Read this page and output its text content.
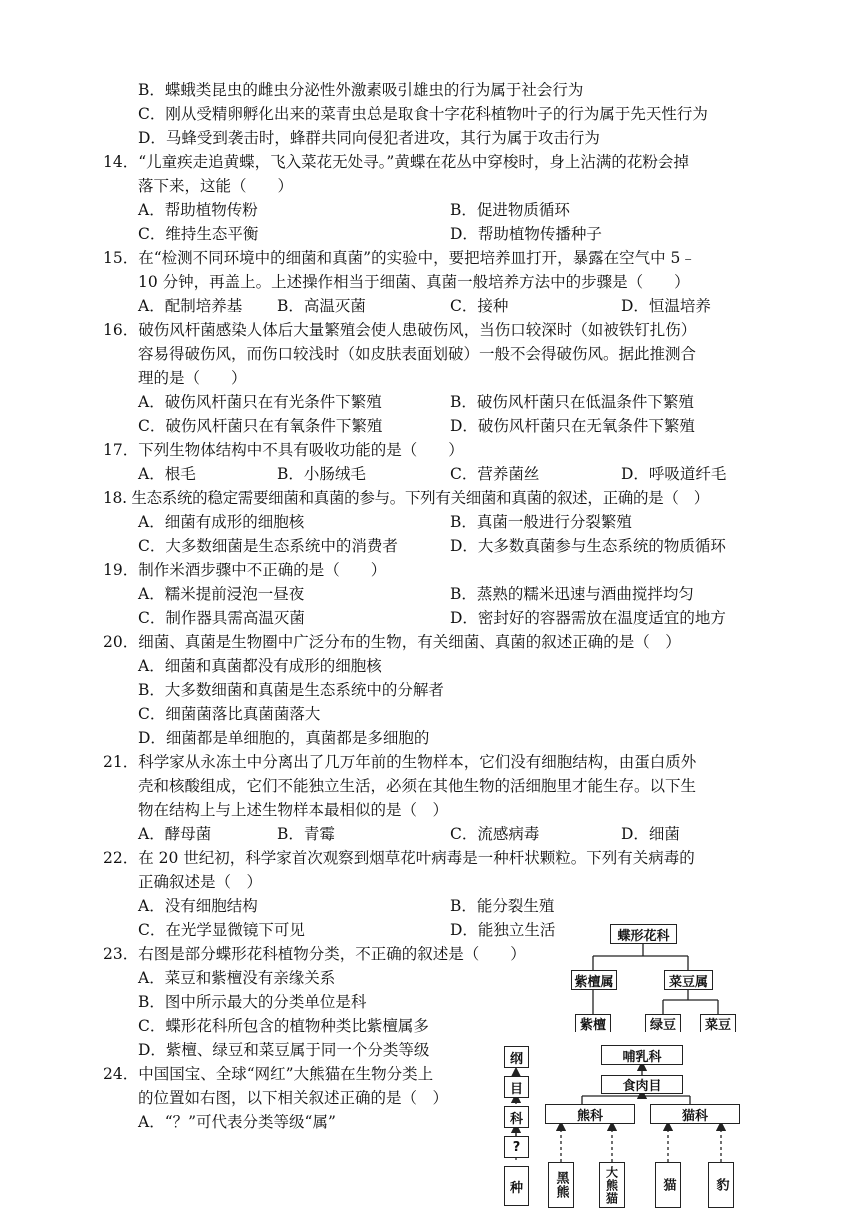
B．蝶蛾类昆虫的雌虫分泌性外激素吸引雄虫的行为属于社会行为
C．刚从受精卵孵化出来的菜青虫总是取食十字花科植物叶子的行为属于先天性行为
D．马蜂受到袭击时，蜂群共同向侵犯者进攻，其行为属于攻击行为
14．“儿童疾走追黄蝶，飞入菜花无处寻。”黄蝶在花丛中穿梭时，身上沾满的花粉会掉
落下来，这能（　　）
A．帮助植物传粉	B．促进物质循环
C．维持生态平衡	D．帮助植物传播种子
15．在“检测不同环境中的细菌和真菌”的实验中，要把培养皿打开，暴露在空气中 5﹣
10 分钟，再盖上。上述操作相当于细菌、真菌一般培养方法中的步骤是（　　）
A．配制培养基 B．高温灭菌	C．接种	D．恒温培养
16．破伤风杆菌感染人体后大量繁殖会使人患破伤风，当伤口较深时（如被铁钉扎伤）
容易得破伤风，而伤口较浅时（如皮肤表面划破）一般不会得破伤风。据此推测合
理的是（　　）
A．破伤风杆菌只在有光条件下繁殖	B．破伤风杆菌只在低温条件下繁殖
C．破伤风杆菌只在有氧条件下繁殖	D．破伤风杆菌只在无氧条件下繁殖
17．下列生物体结构中不具有吸收功能的是（　　）
A．根毛	B．小肠绒毛	C．营养菌丝	D．呼吸道纤毛
18. 生态系统的稳定需要细菌和真菌的参与。下列有关细菌和真菌的叙述，正确的是（　）
A．细菌有成形的细胞核	B．真菌一般进行分裂繁殖
C．大多数细菌是生态系统中的消费者	D．大多数真菌参与生态系统的物质循环
19．制作米酒步骤中不正确的是（　　）
A．糯米提前浸泡一昼夜	B．蒸熟的糯米迅速与酒曲搅拌均匀
C．制作器具需高温灭菌	D．密封好的容器需放在温度适宜的地方
20．细菌、真菌是生物圈中广泛分布的生物，有关细菌、真菌的叙述正确的是（　）
A．细菌和真菌都没有成形的细胞核
B．大多数细菌和真菌是生态系统中的分解者
C．细菌菌落比真菌菌落大
D．细菌都是单细胞的，真菌都是多细胞的
21．科学家从永冻土中分离出了几万年前的生物样本，它们没有细胞结构，由蛋白质外
壳和核酸组成，它们不能独立生活，必须在其他生物的活细胞里才能生存。以下生
物在结构上与上述生物样本最相似的是（　）
A．酵母菌	B．青霉	C．流感病毒	D．细菌
22．在 20 世纪初，科学家首次观察到烟草花叶病毒是一种杆状颗粒。下列有关病毒的
正确叙述是（　）
A．没有细胞结构	B．能分裂生殖
C．在光学显微镜下可见	D．能独立生活
23．右图是部分蝶形花科植物分类，不正确的叙述是（　　）
A．菜豆和紫檀没有亲缘关系
B．图中所示最大的分类单位是科
C．蝶形花科所包含的植物种类比紫檀属多
D．紫檀、绿豆和菜豆属于同一个分类等级
24．中国国宝、全球“网红”大熊猫在生物分类上
的位置如右图，以下相关叙述正确的是（　）
A．“？”可代表分类等级“属”
蝶形花科
紫檀属	菜豆属
紫檀	绿豆	菜豆
纲
目
科
?
种
哺乳科
食肉目
熊科	猫科
黑熊	大熊猫	猫	豹
